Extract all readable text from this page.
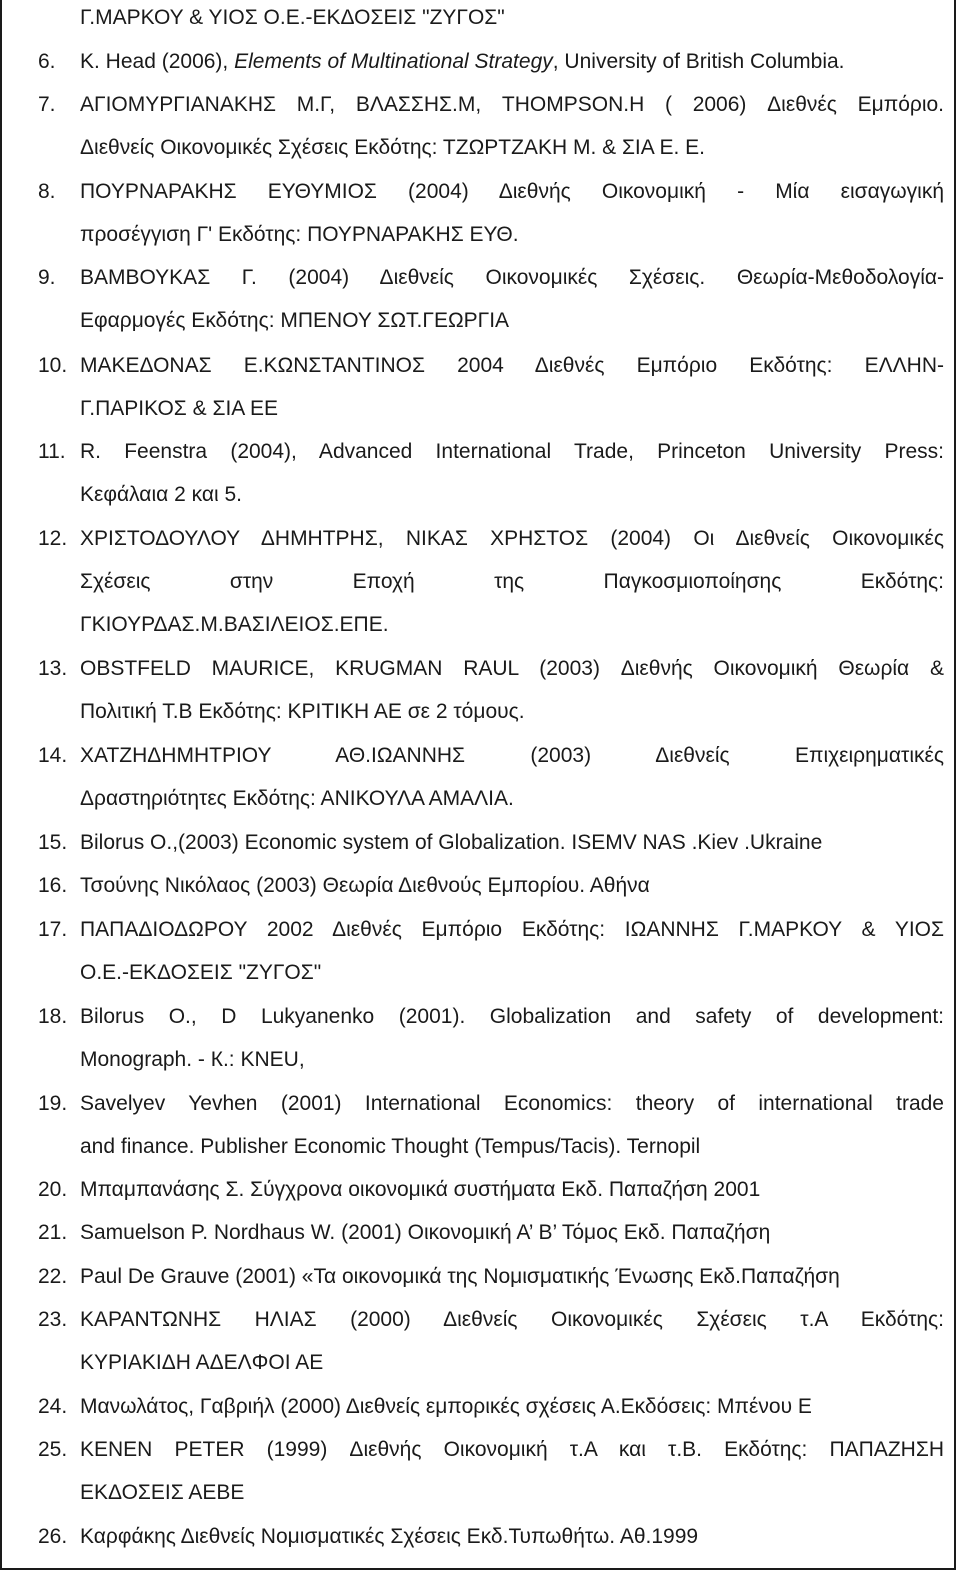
Γ.ΜΑΡΚΟΥ & ΥΙΟΣ Ο.Ε.-ΕΚΔΟΣΕΙΣ "ΖΥΓΟΣ"
6.	Κ. Head (2006), Elements of Multinational Strategy, University of British Columbia.
7.	ΑΓΙΟΜΥΡΓΙΑΝΑΚΗΣ Μ.Γ, ΒΛΑΣΣΗΣ.Μ, THOMPSON.H ( 2006) Διεθνές Εμπόριο.
Διεθνείς Οικονομικές Σχέσεις Εκδότης: ΤΖΩΡΤΖΑΚΗ Μ. & ΣΙΑ Ε. Ε.
8.	ΠΟΥΡΝΑΡΑΚΗΣ ΕΥΘΥΜΙΟΣ (2004) Διεθνής Οικονομική - Μία εισαγωγική
προσέγγιση Γ' Εκδότης: ΠΟΥΡΝΑΡΑΚΗΣ ΕΥΘ.
9.	ΒΑΜΒΟΥΚΑΣ Γ. (2004) Διεθνείς Οικονομικές Σχέσεις. Θεωρία-Μεθοδολογία-
Εφαρμογές Εκδότης: ΜΠΕΝΟΥ ΣΩΤ.ΓΕΩΡΓΙΑ
10. ΜΑΚΕΔΟΝΑΣ Ε.ΚΩΝΣΤΑΝΤΙΝΟΣ 2004 Διεθνές Εμπόριο Εκδότης: ΕΛΛΗΝ-
Γ.ΠΑΡΙΚΟΣ & ΣΙΑ ΕΕ
11. R. Feenstra (2004), Advanced International Trade, Princeton University Press:
Κεφάλαια 2 και 5.
12. ΧΡΙΣΤΟΔΟΥΛΟΥ ΔΗΜΗΤΡΗΣ, ΝΙΚΑΣ ΧΡΗΣΤΟΣ (2004) Οι Διεθνείς Οικονομικές
Σχέσεις στην Εποχή της Παγκοσμιοποίησης Εκδότης:
ΓΚΙΟΥΡΔΑΣ.Μ.ΒΑΣΙΛΕΙΟΣ.ΕΠΕ.
13. OBSTFELD MAURICE, KRUGMAN RAUL (2003) Διεθνής Οικονομική Θεωρία &
Πολιτική Τ.Β Εκδότης: ΚΡΙΤΙΚΗ ΑΕ σε 2 τόμους.
14. ΧΑΤΖΗΔΗΜΗΤΡΙΟΥ ΑΘ.ΙΩΑΝΝΗΣ (2003) Διεθνείς Επιχειρηματικές
Δραστηριότητες Εκδότης: ΑΝΙΚΟΥΛΑ ΑΜΑΛΙΑ.
15. Bilorus O.,(2003) Economic system of Globalization. ISEMV NAS .Kiev .Ukraine
16. Τσούνης Νικόλαος (2003) Θεωρία Διεθνούς Εμπορίου. Αθήνα
17. ΠΑΠΑΔΙΟΔΩΡΟΥ 2002 Διεθνές Εμπόριο Εκδότης: ΙΩΑΝΝΗΣ Γ.ΜΑΡΚΟΥ & ΥΙΟΣ
Ο.Ε.-ΕΚΔΟΣΕΙΣ "ΖΥΓΟΣ"
18. Bilorus O., D Lukyanenko (2001). Globalization and safety of development:
Monograph. - К.: KNEU,
19. Savelyev Yevhen (2001) International Economics: theory of international trade
and finance. Publisher Economic Thought (Tempus/Tacis). Ternopil
20. Μπαμπανάσης Σ. Σύγχρονα οικονομικά συστήματα Εκδ. Παπαζήση 2001
21. Samuelson P. Nordhaus W. (2001) Οικονομική Α’ Β’ Τόμος Εκδ. Παπαζήση
22. Paul De Grauve (2001) «Τα οικονομικά της Νομισματικής Ένωσης Εκδ.Παπαζήση
23. ΚΑΡΑΝΤΩΝΗΣ ΗΛΙΑΣ (2000) Διεθνείς Οικονομικές Σχέσεις τ.Α Εκδότης:
ΚΥΡΙΑΚΙΔΗ ΑΔΕΛΦΟΙ ΑΕ
24. Μανωλάτος, Γαβριήλ (2000) Διεθνείς εμπορικές σχέσεις Α.Εκδόσεις: Μπένου Ε
25. ΚΕΝΕΝ PETER (1999) Διεθνής Οικονομική τ.Α και τ.Β. Εκδότης: ΠΑΠΑΖΗΣΗ
ΕΚΔΟΣΕΙΣ ΑΕΒΕ
26. Καρφάκης Διεθνείς Νομισματικές Σχέσεις Εκδ.Τυπωθήτω. Αθ.1999
